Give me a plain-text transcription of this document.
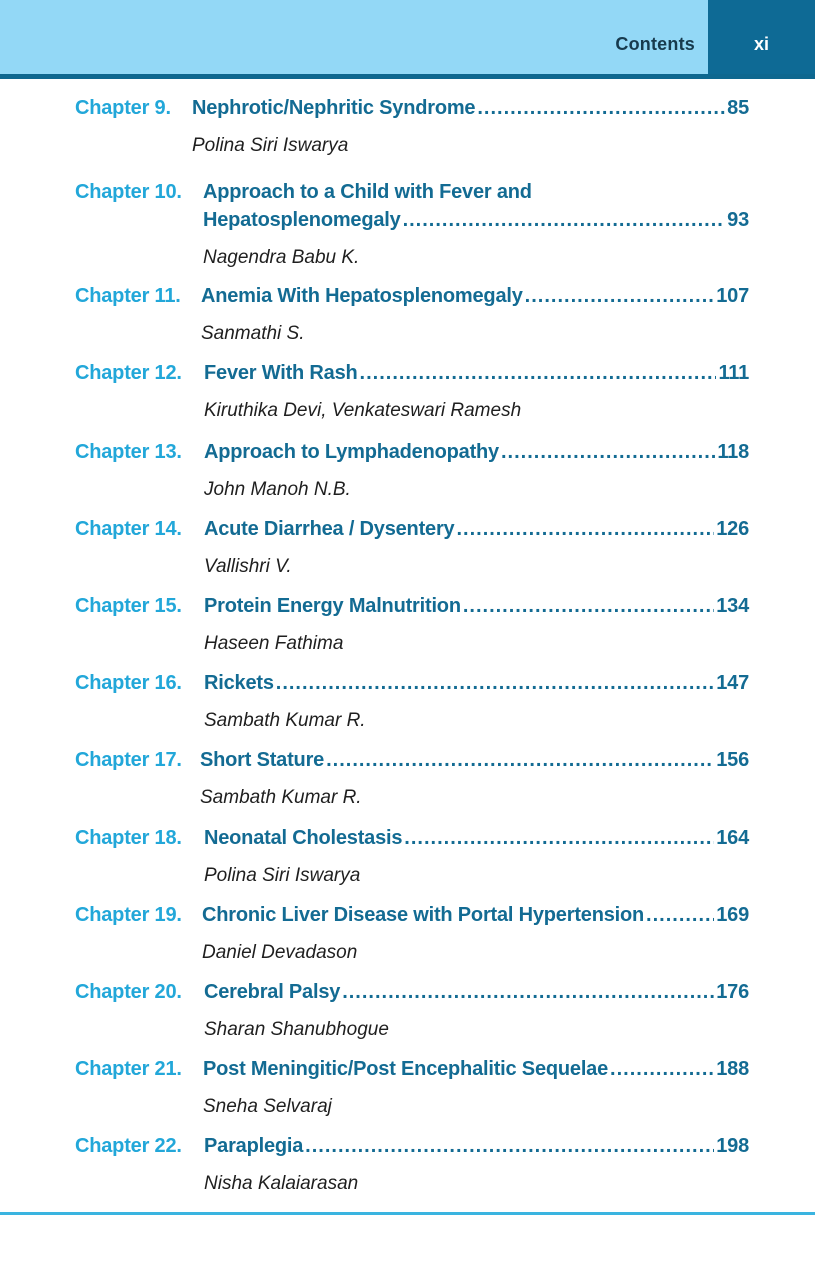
Contents	xi
Chapter 9.	Nephrotic/Nephritic Syndrome .....	85
Polina Siri Iswarya
Chapter 10.	Approach to a Child with Fever and
Hepatosplenomegaly .....	93
Nagendra Babu K.
Chapter 11.	Anemia With Hepatosplenomegaly .....	107
Sanmathi S.
Chapter 12.	Fever With Rash .....	111
Kiruthika Devi, Venkateswari Ramesh
Chapter 13.	Approach to Lymphadenopathy .....	118
John Manoh N.B.
Chapter 14.	Acute Diarrhea / Dysentery .....	126
Vallishri V.
Chapter 15.	Protein Energy Malnutrition .....	134
Haseen Fathima
Chapter 16.	Rickets .....	147
Sambath Kumar R.
Chapter 17. Short Stature .....	156
Sambath Kumar R.
Chapter 18.	Neonatal Cholestasis .....	164
Polina Siri Iswarya
Chapter 19.	Chronic Liver Disease with Portal Hypertension .....	169
Daniel Devadason
Chapter 20.	Cerebral Palsy .....	176
Sharan Shanubhogue
Chapter 21.	Post Meningitic/Post Encephalitic Sequelae .....	188
Sneha Selvaraj
Chapter 22.	Paraplegia .....	198
Nisha Kalaiarasan
